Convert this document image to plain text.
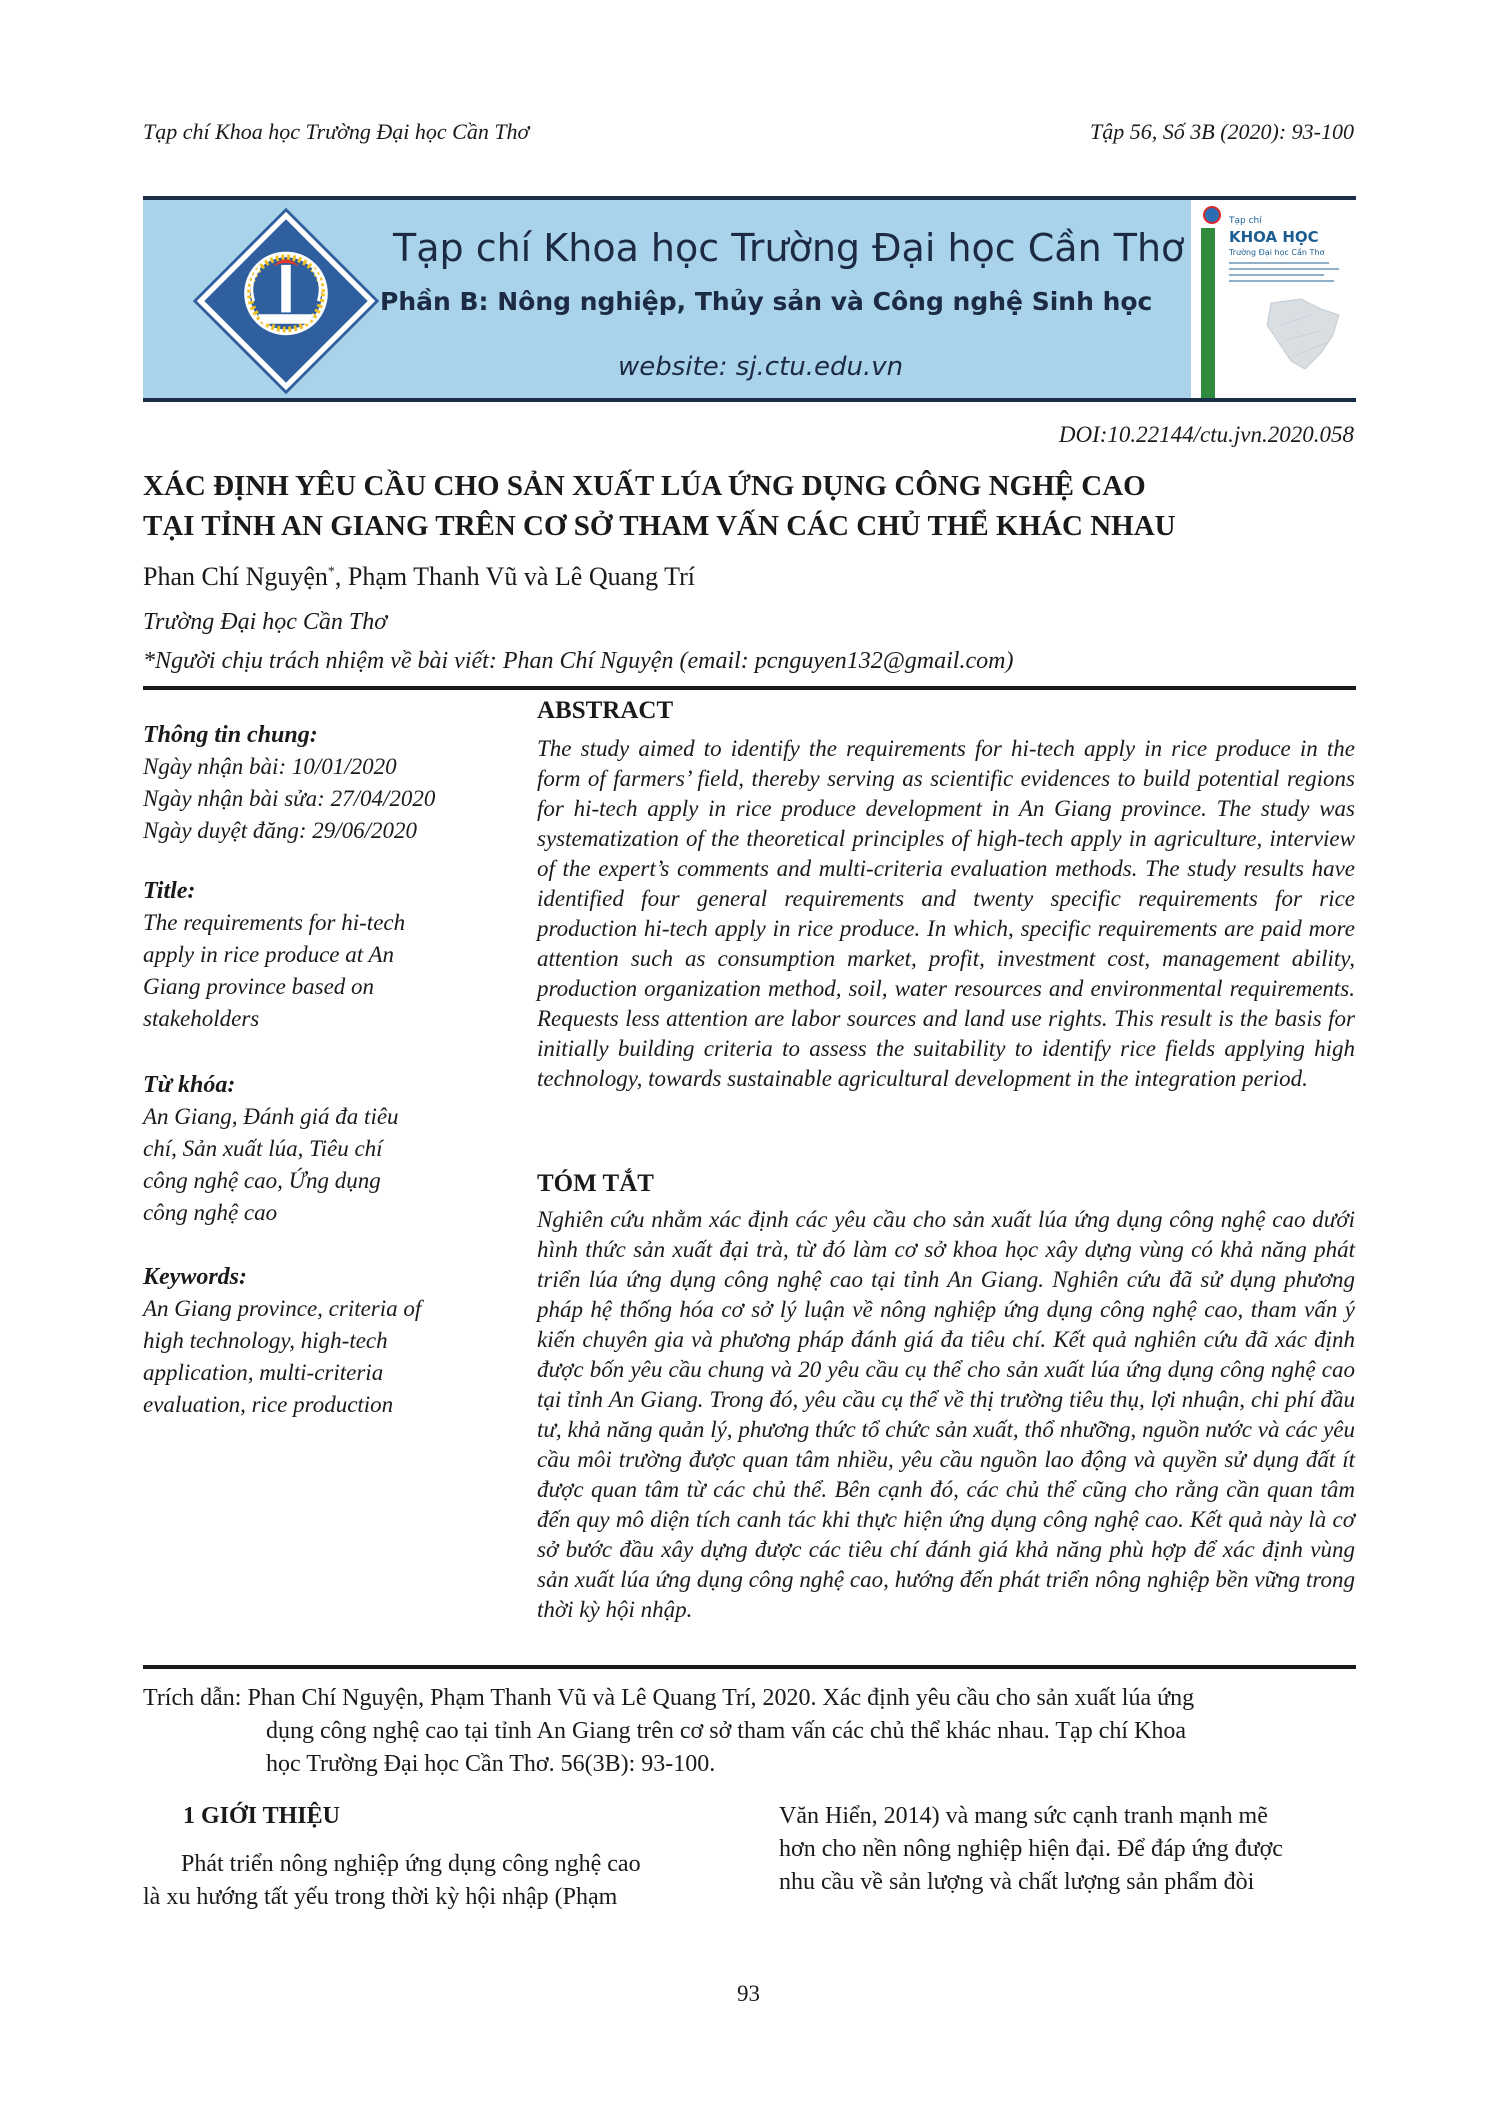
Tạp chí Khoa học Trường Đại học Cần Thơ	Tập 56, Số 3B (2020): 93-100
Tạp chí Khoa học Trường Đại học Cần Thơ
Phần B: Nông nghiệp, Thủy sản và Công nghệ Sinh học
website: sj.ctu.edu.vn
Tạp chí
KHOA HỌC
Trường Đại học Cần Thơ
DOI:10.22144/ctu.jvn.2020.058
XÁC ĐỊNH YÊU CẦU CHO SẢN XUẤT LÚA ỨNG DỤNG CÔNG NGHỆ CAO
TẠI TỈNH AN GIANG TRÊN CƠ SỞ THAM VẤN CÁC CHỦ THỂ KHÁC NHAU
Phan Chí Nguyện*, Phạm Thanh Vũ và Lê Quang Trí
Trường Đại học Cần Thơ
*Người chịu trách nhiệm về bài viết: Phan Chí Nguyện (email: pcnguyen132@gmail.com)
Thông tin chung:
Ngày nhận bài: 10/01/2020
Ngày nhận bài sửa: 27/04/2020
Ngày duyệt đăng: 29/06/2020
Title:
The requirements for hi-tech
apply in rice produce at An
Giang province based on
stakeholders
Từ khóa:
An Giang, Đánh giá đa tiêu
chí, Sản xuất lúa, Tiêu chí
công nghệ cao, Ứng dụng
công nghệ cao
Keywords:
An Giang province, criteria of
high technology, high-tech
application, multi-criteria
evaluation, rice production
ABSTRACT
The study aimed to identify the requirements for hi-tech apply in rice produce in the form of farmers’ field, thereby serving as scientific evidences to build potential regions for hi-tech apply in rice produce development in An Giang province. The study was systematization of the theoretical principles of high-tech apply in agriculture, interview of the expert’s comments and multi-criteria evaluation methods. The study results have identified four general requirements and twenty specific requirements for rice production hi-tech apply in rice produce. In which, specific requirements are paid more attention such as consumption market, profit, investment cost, management ability, production organization method, soil, water resources and environmental requirements. Requests less attention are labor sources and land use rights. This result is the basis for initially building criteria to assess the suitability to identify rice fields applying high technology, towards sustainable agricultural development in the integration period.
TÓM TẮT
Nghiên cứu nhằm xác định các yêu cầu cho sản xuất lúa ứng dụng công nghệ cao dưới hình thức sản xuất đại trà, từ đó làm cơ sở khoa học xây dựng vùng có khả năng phát triển lúa ứng dụng công nghệ cao tại tỉnh An Giang. Nghiên cứu đã sử dụng phương pháp hệ thống hóa cơ sở lý luận về nông nghiệp ứng dụng công nghệ cao, tham vấn ý kiến chuyên gia và phương pháp đánh giá đa tiêu chí. Kết quả nghiên cứu đã xác định được bốn yêu cầu chung và 20 yêu cầu cụ thể cho sản xuất lúa ứng dụng công nghệ cao tại tỉnh An Giang. Trong đó, yêu cầu cụ thể về thị trường tiêu thụ, lợi nhuận, chi phí đầu tư, khả năng quản lý, phương thức tổ chức sản xuất, thổ nhưỡng, nguồn nước và các yêu cầu môi trường được quan tâm nhiều, yêu cầu nguồn lao động và quyền sử dụng đất ít được quan tâm từ các chủ thể. Bên cạnh đó, các chủ thể cũng cho rằng cần quan tâm đến quy mô diện tích canh tác khi thực hiện ứng dụng công nghệ cao. Kết quả này là cơ sở bước đầu xây dựng được các tiêu chí đánh giá khả năng phù hợp để xác định vùng sản xuất lúa ứng dụng công nghệ cao, hướng đến phát triển nông nghiệp bền vững trong thời kỳ hội nhập.
Trích dẫn: Phan Chí Nguyện, Phạm Thanh Vũ và Lê Quang Trí, 2020. Xác định yêu cầu cho sản xuất lúa ứng
dụng công nghệ cao tại tỉnh An Giang trên cơ sở tham vấn các chủ thể khác nhau. Tạp chí Khoa
học Trường Đại học Cần Thơ. 56(3B): 93-100.
1 GIỚI THIỆU
Phát triển nông nghiệp ứng dụng công nghệ cao
là xu hướng tất yếu trong thời kỳ hội nhập (Phạm
Văn Hiển, 2014) và mang sức cạnh tranh mạnh mẽ
hơn cho nền nông nghiệp hiện đại. Để đáp ứng được
nhu cầu về sản lượng và chất lượng sản phẩm đòi
93
